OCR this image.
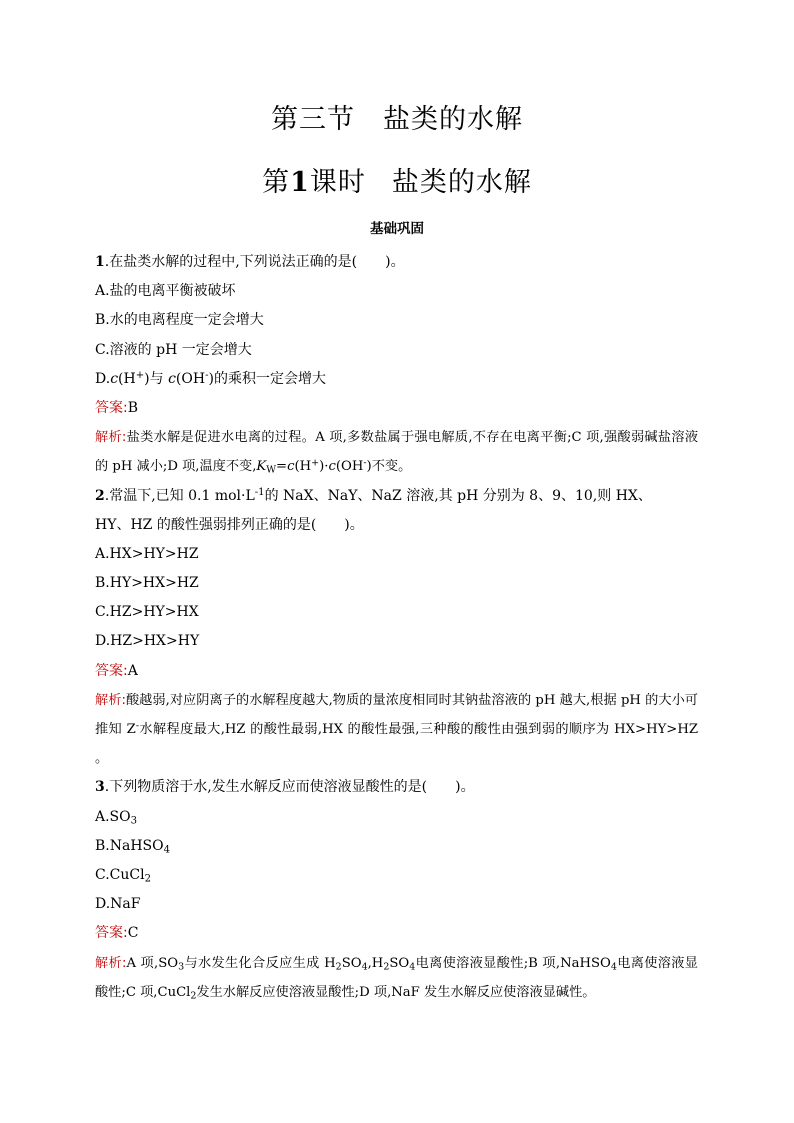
第三节　盐类的水解
第1课时 盐类的水解
基础巩固
1.在盐类水解的过程中,下列说法正确的是(　　)。
A.盐的电离平衡被破坏
B.水的电离程度一定会增大
C.溶液的 pH 一定会增大
D.c(H+)与 c(OH-)的乘积一定会增大
答案:B
解析:盐类水解是促进水电离的过程。A 项,多数盐属于强电解质,不存在电离平衡;C 项,强酸弱碱盐溶液的 pH 减小;D 项,温度不变$,K_W=c(H^+)\cdot c(OH^-)$不变。
2.常温下,已知 0.1 $mol\cdot L^{-1}$的 NaX、NaY、NaZ 溶液,其 pH 分别为 8、9、10,则 HX、
HY、HZ 的酸性强弱排列正确的是(　　)。
A.HX>HY>HZ
B.HY>HX>HZ
C.HZ>HY>HX
D.HZ>HX>HY
答案:A
解析:酸越弱,对应阴离子的水解程度越大,物质的量浓度相同时其钠盐溶液的 pH 越大,根据 pH 的大小可推知 Z-水解程度最大,HZ 的酸性最弱,HX 的酸性最强,三种酸的酸性由强到弱的顺序为 HX>HY>HZ 。
3.下列物质溶于水,发生水解反应而使溶液显酸性的是(　　)。
$A.SO_3$
B.NaHSO$_4$
C.CuCl$_2$
D.NaF
答案:C
解析:A 项$,SO_3$与水发生化合反应生成 $H_2SO_4,H_2SO_4$电离使溶液显酸性;B 项,NaHSO$_4$电离使溶液显酸性;C 项,CuCl$_2$发生水解反应使溶液显酸性;D 项,NaF 发生水解反应使溶液显碱性。
